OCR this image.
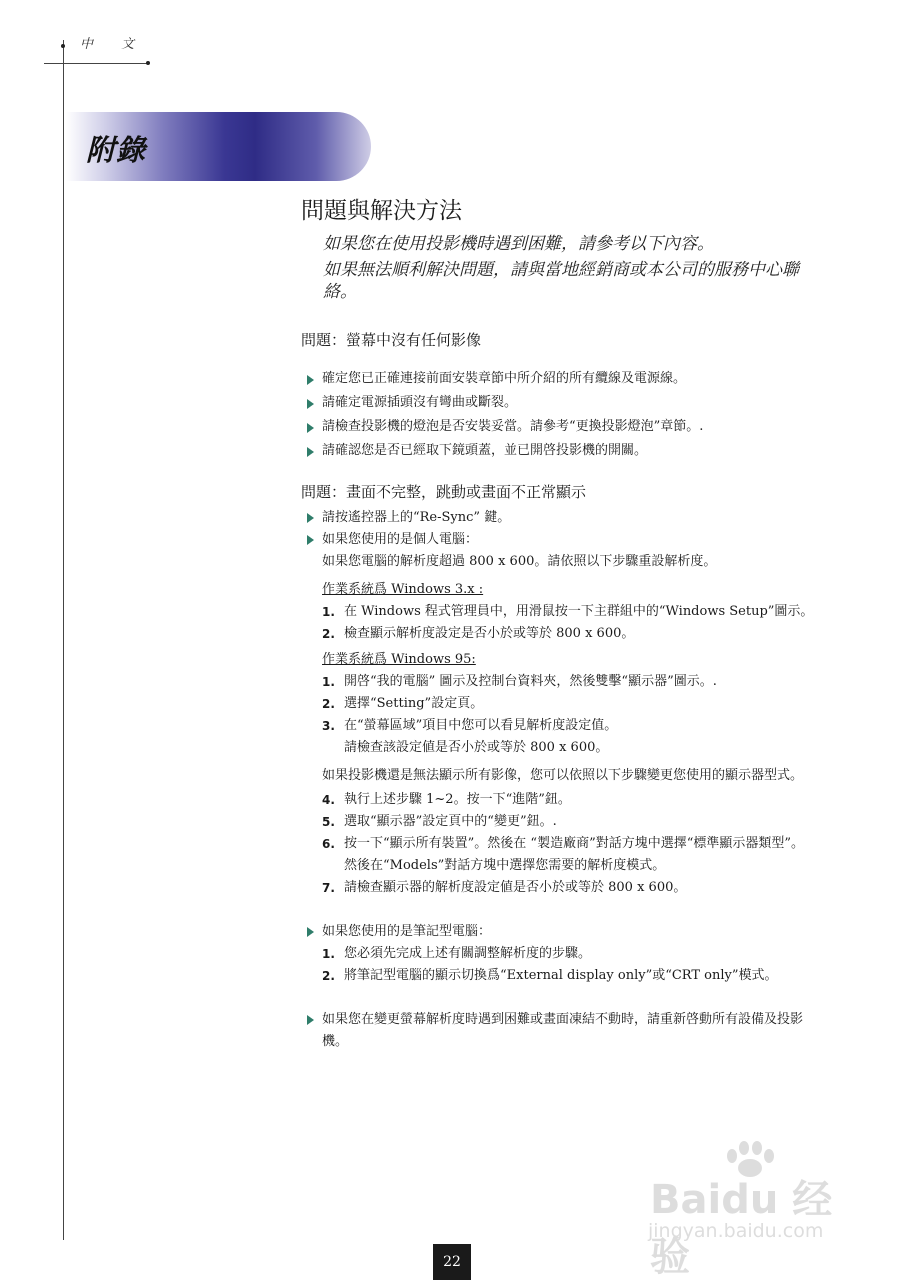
中 文
附錄
問題與解決方法

如果您在使用投影機時遇到困難，請參考以下內容。

如果無法順利解決問題，請與當地經銷商或本公司的服務中心聯絡。

問題：螢幕中沒有任何影像
確定您已正確連接前面安裝章節中所介紹的所有纜線及電源線。
請確定電源插頭沒有彎曲或斷裂。
請檢查投影機的燈泡是否安裝妥當。請參考“更換投影燈泡”章節。.
請確認您是否已經取下鏡頭蓋，並已開啓投影機的開關。
問題：畫面不完整，跳動或畫面不正常顯示
請按遙控器上的“Re-Sync” 鍵。
如果您使用的是個人電腦：
如果您電腦的解析度超過 800 x 600。請依照以下步驟重設解析度。
作業系統爲 Windows 3.x :
1. 在 Windows 程式管理員中，用滑鼠按一下主群組中的“Windows Setup”圖示。
2. 檢查顯示解析度設定是否小於或等於 800 x 600。
作業系統爲 Windows 95:
1. 開啓“我的電腦” 圖示及控制台資料夾，然後雙擊“顯示器”圖示。.
2. 選擇“Setting”設定頁。
3. 在“螢幕區域”項目中您可以看見解析度設定值。
請檢查該設定値是否小於或等於 800 x 600。
如果投影機還是無法顯示所有影像，您可以依照以下步驟變更您使用的顯示器型式。
4. 執行上述步驟 1~2。按一下“進階”鈕。
5. 選取“顯示器”設定頁中的“變更”鈕。.
6. 按一下“顯示所有裝置”。然後在 “製造廠商”對話方塊中選擇“標準顯示器類型”。然後在“Models”對話方塊中選擇您需要的解析度模式。
7. 請檢查顯示器的解析度設定値是否小於或等於 800 x 600。
如果您使用的是筆記型電腦：
1. 您必須先完成上述有關調整解析度的步驟。
2. 將筆記型電腦的顯示切換爲“External display only”或“CRT only”模式。
如果您在變更螢幕解析度時遇到困難或畫面凍結不動時，請重新啓動所有設備及投影機。
Baidu 经验
jingyan.baidu.com
22
